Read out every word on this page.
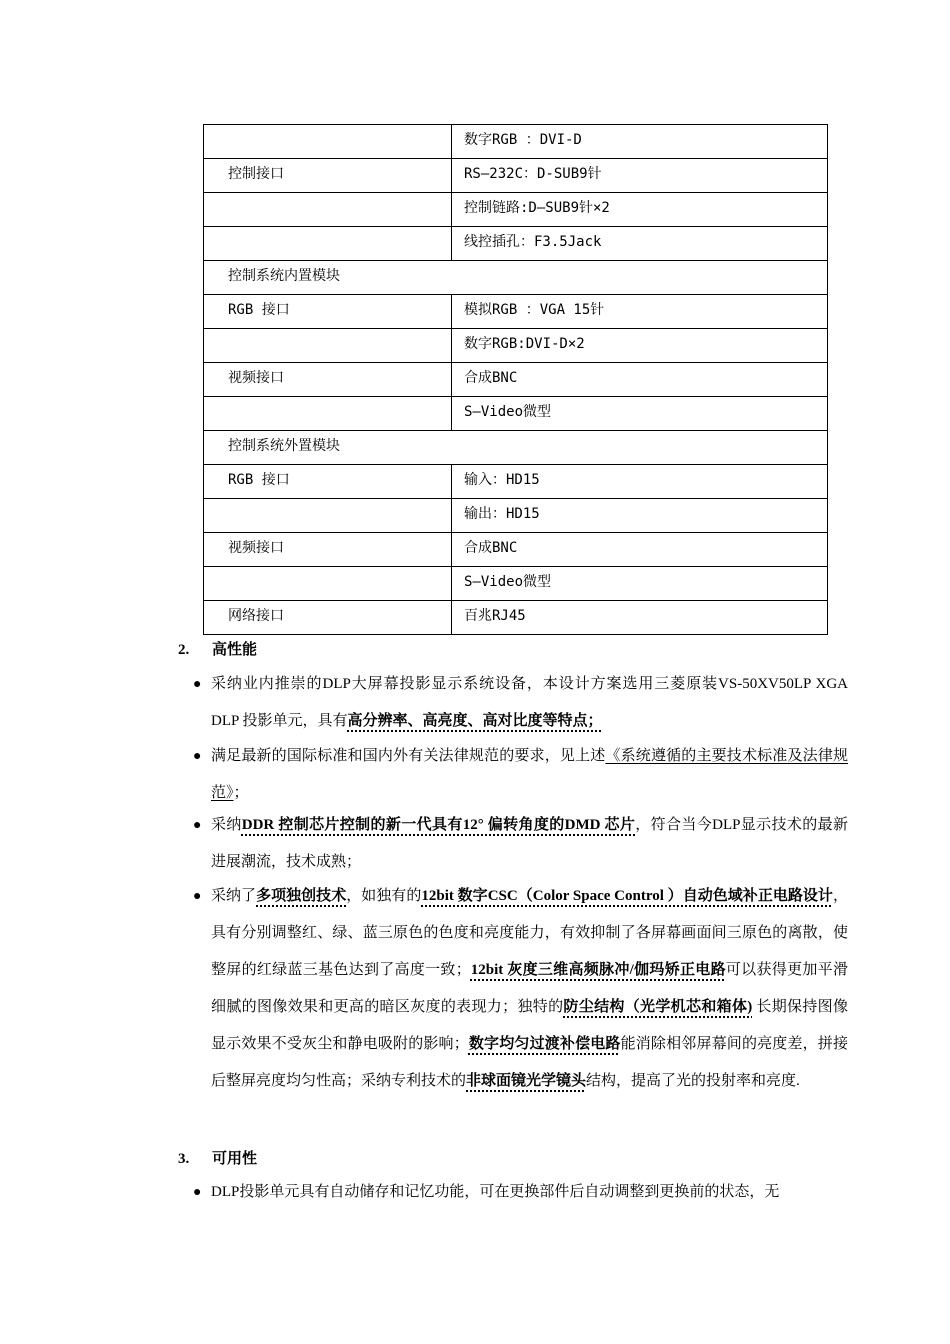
	数字RGB ：DVI-D
控制接口	RS—232C：D-SUB9针
	控制链路:D—SUB9针×2
	线控插孔：F3.5Jack
控制系统内置模块	
RGB 接口	模拟RGB ：VGA 15针
	数字RGB:DVI-D×2
视频接口	合成BNC
	S—Video微型
控制系统外置模块	
RGB 接口	输入：HD15
	输出：HD15
视频接口	合成BNC
	S—Video微型
网络接口	百兆RJ45
2. 高性能
● 采纳业内推崇的DLP大屏幕投影显示系统设备，本设计方案选用三菱原装VS-50XV50LP XGA DLP 投影单元，具有高分辨率、高亮度、高对比度等特点；
● 满足最新的国际标准和国内外有关法律规范的要求，见上述《系统遵循的主要技术标准及法律规范》；
● 采纳DDR 控制芯片控制的新一代具有12° 偏转角度的DMD 芯片，符合当今DLP显示技术的最新进展潮流，技术成熟；
● 采纳了多项独创技术，如独有的12bit 数字CSC（Color Space Control ）自动色域补正电路设计，具有分别调整红、绿、蓝三原色的色度和亮度能力，有效抑制了各屏幕画面间三原色的离散，使整屏的红绿蓝三基色达到了高度一致；12bit 灰度三维高频脉冲/伽玛矫正电路可以获得更加平滑细腻的图像效果和更高的暗区灰度的表现力；独特的防尘结构（光学机芯和箱体) 长期保持图像显示效果不受灰尘和静电吸附的影响；数字均匀过渡补偿电路能消除相邻屏幕间的亮度差，拼接后整屏亮度均匀性高；采纳专利技术的非球面镜光学镜头结构，提高了光的投射率和亮度.
3. 可用性
● DLP投影单元具有自动储存和记忆功能，可在更换部件后自动调整到更换前的状态，无
